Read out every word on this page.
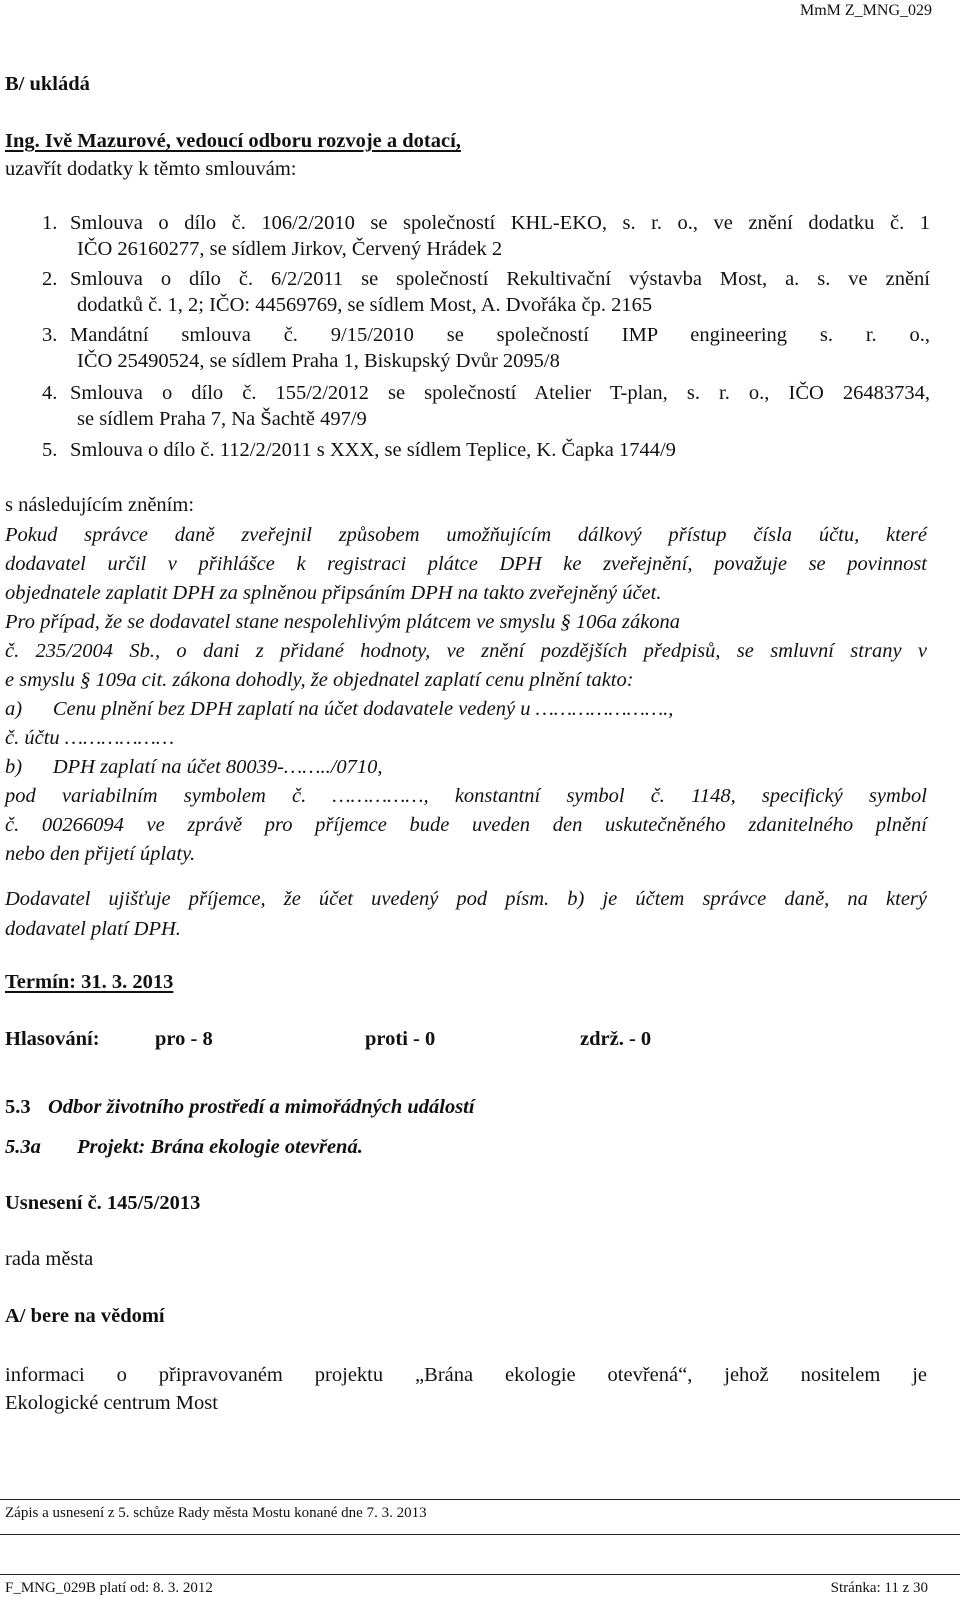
MmM Z_MNG_029
B/ ukládá
Ing. Ivě Mazurové, vedoucí odboru rozvoje a dotací,
uzavřít dodatky k těmto smlouvám:
1. Smlouva o dílo č. 106/2/2010 se společností KHL-EKO, s. r. o., ve znění dodatku č. 1
IČO 26160277, se sídlem Jirkov, Červený Hrádek 2
2. Smlouva o dílo č. 6/2/2011 se společností Rekultivační výstavba Most, a. s. ve znění
dodatků č. 1, 2; IČO: 44569769, se sídlem Most, A. Dvořáka čp. 2165
3. Mandátní smlouva č. 9/15/2010 se společností IMP engineering s. r. o.,
IČO 25490524, se sídlem Praha 1, Biskupský Dvůr 2095/8
4. Smlouva o dílo č. 155/2/2012 se společností Atelier T-plan, s. r. o., IČO 26483734,
se sídlem Praha 7, Na Šachtě 497/9
5. Smlouva o dílo č. 112/2/2011 s XXX, se sídlem Teplice, K. Čapka 1744/9
s následujícím zněním:
Pokud správce daně zveřejnil způsobem umožňujícím dálkový přístup čísla účtu, které
dodavatel určil v přihlášce k registraci plátce DPH ke zveřejnění, považuje se povinnost
objednatele zaplatit DPH za splněnou připsáním DPH na takto zveřejněný účet.
Pro případ, že se dodavatel stane nespolehlivým plátcem ve smyslu § 106a zákona
č. 235/2004 Sb., o dani z přidané hodnoty, ve znění pozdějších předpisů, se smluvní strany v
e smyslu § 109a cit. zákona dohodly, že objednatel zaplatí cenu plnění takto:
a)      Cenu plnění bez DPH zaplatí na účet dodavatele vedený u ………………….,
č. účtu ………………
b)      DPH zaplatí na účet 80039-……../0710,
pod variabilním symbolem č. ……………, konstantní symbol č. 1148, specifický symbol
č. 00266094 ve zprávě pro příjemce bude uveden den uskutečněného zdanitelného plnění
nebo den přijetí úplaty.
Dodavatel ujišťuje příjemce, že účet uvedený pod písm. b) je účtem správce daně, na který
dodavatel platí DPH.
Termín: 31. 3. 2013
Hlasování:	pro - 8	proti - 0	zdrž. - 0
5.3 Odbor životního prostředí a mimořádných událostí
5.3a Projekt: Brána ekologie otevřená.
Usnesení č. 145/5/2013
rada města
A/ bere na vědomí
informaci o připravovaném projektu „Brána ekologie otevřená“, jehož nositelem je
Ekologické centrum Most
Zápis a usnesení z 5. schůze Rady města Mostu konané dne 7. 3. 2013
F_MNG_029B platí od: 8. 3. 2012	Stránka: 11 z 30
